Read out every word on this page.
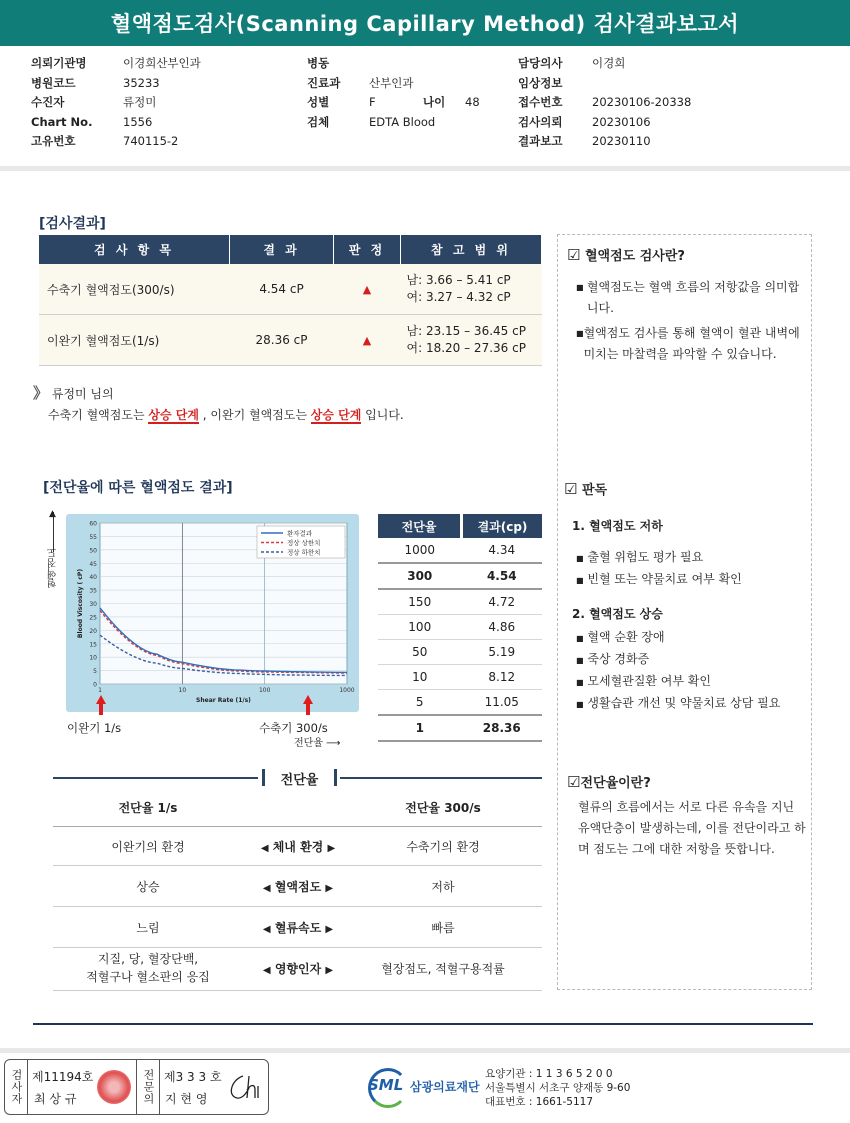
혈액점도검사(Scanning Capillary Method) 검사결과보고서
의뢰기관명	이경희산부인과
병원코드	35233
수진자	류정미
Chart No.	1556
고유번호	740115-2
병동
진료과 산부인과
성별	F	나이 48
검체	EDTA Blood
담당의사	이경희
임상정보
접수번호	20230106-20338
검사의뢰	20230106
결과보고	20230110
[검사결과]
검 사 항 목	결 과	판 정	참 고 범 위
수축기 혈액점도(300/s)	4.54 cP	▲	남: 3.66 – 5.41 cP
여: 3.27 – 4.32 cP

이완기 혈액점도(1/s)	28.36 cP	▲	남: 23.15 – 36.45 cP
여: 18.20 – 27.36 cP
》 류정미 님의
수축기 혈액점도는 상승 단계 , 이완기 혈액점도는 상승 단계 입니다.
☑ 혈액점도 검사란?
■ 혈액점도는 혈액 흐름의 저항값을 의미합니다.
■ 혈액점도 검사를 통해 혈액이 혈관 내벽에 미치는 마찰력을 파악할 수 있습니다.
☑ 판독
1. 혈액점도 저하
■ 출혈 위험도 평가 필요
■ 빈혈 또는 약물치료 여부 확인
2. 혈액점도 상승
■ 혈액 순환 장애
■ 죽상 경화증
■ 모세혈관질환 여부 확인
■ 생활습관 개선 및 약물치료 상담 필요
☑전단율이란?
혈류의 흐름에서는 서로 다른 유속을 지닌 유액단층이 발생하는데, 이를 전단이라고 하며 점도는 그에 대한 저항을 뜻합니다.
[전단율에 따른 혈액점도 결과]
▲
혈액점도
0
5
10
15
20
25
30
35
40
45
50
55
60
1	10	100	1000
Shear Rate (1/s)
Blood Viscosity ( cP)
환자결과
정상 상한치
정상 하한치
이완기 1/s	수축기 300/s
전단율 ⟶
전단율	결과(cp)
1000	4.34
300	4.54
150	4.72
100	4.86
50	5.19
10	8.12
5	11.05
1	28.36
전단율
전단율 1/s	전단율 300/s
이완기의 환경	◀ 체내 환경 ▶	수축기의 환경
상승	◀ 혈액점도 ▶	저하
느림	◀ 혈류속도 ▶	빠름
지질, 당, 혈장단백,
적혈구나 혈소판의 응집	◀ 영향인자 ▶	혈장점도, 적혈구용적률
검사자 제11194호
최 상 규	전문의 제3 3 3 호
지 현 영
SML 삼광의료재단
요양기관 : 1 1 3 6 5 2 0 0
서울특별시 서초구 양재동 9-60
대표번호 : 1661-5117
